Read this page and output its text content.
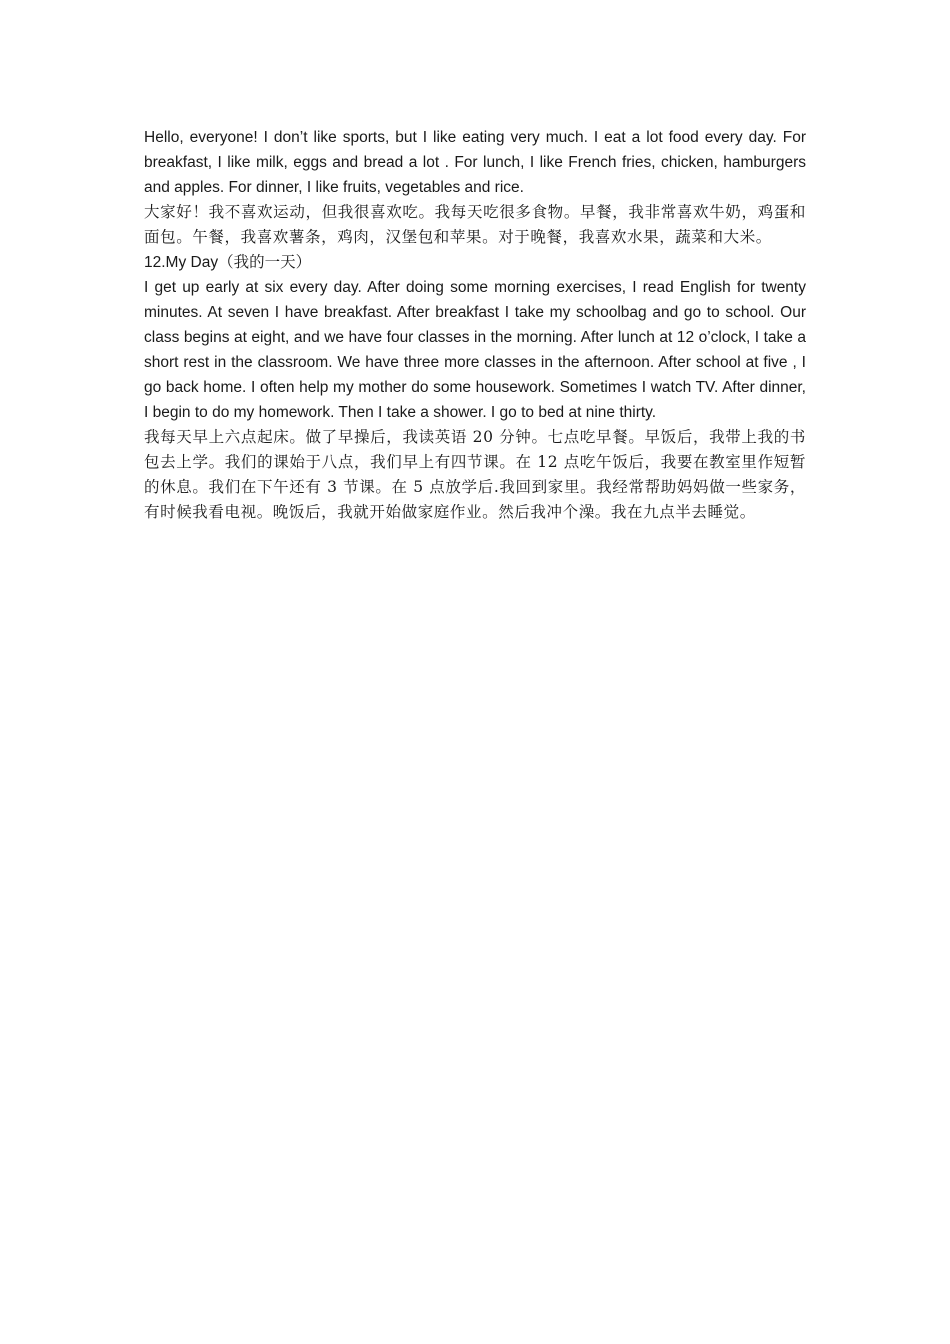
Hello, everyone! I don’t like sports, but I like eating very much. I eat a lot food every day. For breakfast, I like milk, eggs and bread a lot . For lunch, I like French fries, chicken, hamburgers and apples. For dinner, I like fruits, vegetables and rice.

大家好！我不喜欢运动，但我很喜欢吃。我每天吃很多食物。早餐，我非常喜欢牛奶，鸡蛋和面包。午餐，我喜欢薯条，鸡肉，汉堡包和苹果。对于晚餐，我喜欢水果，蔬菜和大米。

12.My Day（我的一天）

I get up early at six every day. After doing some morning exercises, I read English for twenty minutes. At seven I have breakfast. After breakfast I take my schoolbag and go to school. Our class begins at eight, and we have four classes in the morning. After lunch at 12 o’clock, I take a short rest in the classroom. We have three more classes in the afternoon. After school at five , I go back home. I often help my mother do some housework. Sometimes I watch TV. After dinner, I begin to do my homework. Then I take a shower. I go to bed at nine thirty.

我每天早上六点起床。做了早操后，我读英语 20 分钟。七点吃早餐。早饭后，我带上我的书包去上学。我们的课始于八点，我们早上有四节课。在 12 点吃午饭后，我要在教室里作短暂的休息。我们在下午还有 3 节课。在 5 点放学后.我回到家里。我经常帮助妈妈做一些家务，有时候我看电视。晚饭后，我就开始做家庭作业。然后我冲个澡。我在九点半去睡觉。
